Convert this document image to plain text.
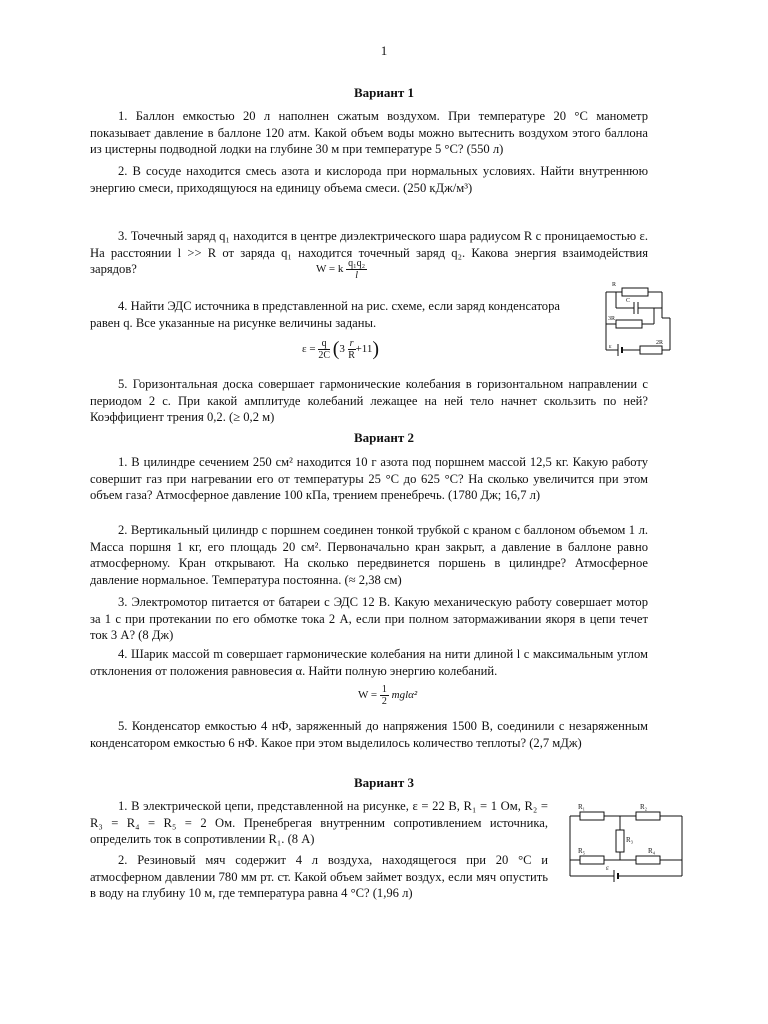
1
Вариант 1
1. Баллон емкостью 20 л наполнен сжатым воздухом. При температуре 20 °С манометр показывает давление в баллоне 120 атм. Какой объем воды можно вытеснить воздухом этого баллона из цистерны подводной лодки на глубине 30 м при температуре 5 °С? (550 л)
2. В сосуде находится смесь азота и кислорода при нормальных условиях. Найти внутреннюю энергию смеси, приходящуюся на единицу объема смеси. (250 кДж/м³)
3. Точечный заряд q₁ находится в центре диэлектрического шара радиусом R с проницаемостью ε. На расстоянии l >> R от заряда q₁ находится точечный заряд q₂. Какова энергия взаимодействия зарядов?	W = k $\frac{\text{q₁q₂}}{l}$
4. Найти ЭДС источника в представленной на рис. схеме, если заряд конденсатора равен q. Все указанные на рисунке величины заданы.
$\varepsilon = \frac{q}{2C} (3 \frac{r}{R} +11)$
R
C
3R
ε
2R
5. Горизонтальная доска совершает гармонические колебания в горизонтальном направлении с периодом 2 с. При какой амплитуде колебаний лежащее на ней тело начнет скользить по ней? Коэффициент трения 0,2. (≥ 0,2 м)
Вариант 2
1. В цилиндре сечением 250 см² находится 10 г азота под поршнем массой 12,5 кг. Какую работу совершит газ при нагревании его от температуры 25 °С до 625 °С? На сколько увеличится при этом объем газа? Атмосферное давление 100 кПа, трением пренебречь. (1780 Дж; 16,7 л)
2. Вертикальный цилиндр с поршнем соединен тонкой трубкой с краном с баллоном объемом 1 л. Масса поршня 1 кг, его площадь 20 см². Первоначально кран закрыт, а давление в баллоне равно атмосферному. Кран открывают. На сколько передвинется поршень в цилиндре? Атмосферное давление нормальное. Температура постоянна. (≈ 2,38 см)
3. Электромотор питается от батареи с ЭДС 12 В. Какую механическую работу совершает мотор за 1 с при протекании по его обмотке тока 2 А, если при полном затормаживании якоря в цепи течет ток 3 А? (8 Дж)
4. Шарик массой m совершает гармонические колебания на нити длиной l с максимальным углом отклонения от положения равновесия α. Найти полную энергию колебаний.
$W = \frac{1}{2} mgl\alpha^2$
5. Конденсатор емкостью 4 нФ, заряженный до напряжения 1500 В, соединили с незаряженным конденсатором емкостью 6 нФ. Какое при этом выделилось количество теплоты? (2,7 мДж)
Вариант 3
1. В электрической цепи, представленной на рисунке, ε = 22 В, R₁ = 1 Ом, R₂ = R₃ = R₄ = R₅ = 2 Ом. Пренебрегая внутренним сопротивлением источника, определить ток в сопротивлении R₁. (8 А)
2. Резиновый мяч содержит 4 л воздуха, находящегося при 20 °С и атмосферном давлении 780 мм рт. ст. Какой объем займет воздух, если мяч опустить в воду на глубину 10 м, где температура равна 4 °С? (1,96 л)
R₁	R₂
R₃
R₄
R₅
ε
